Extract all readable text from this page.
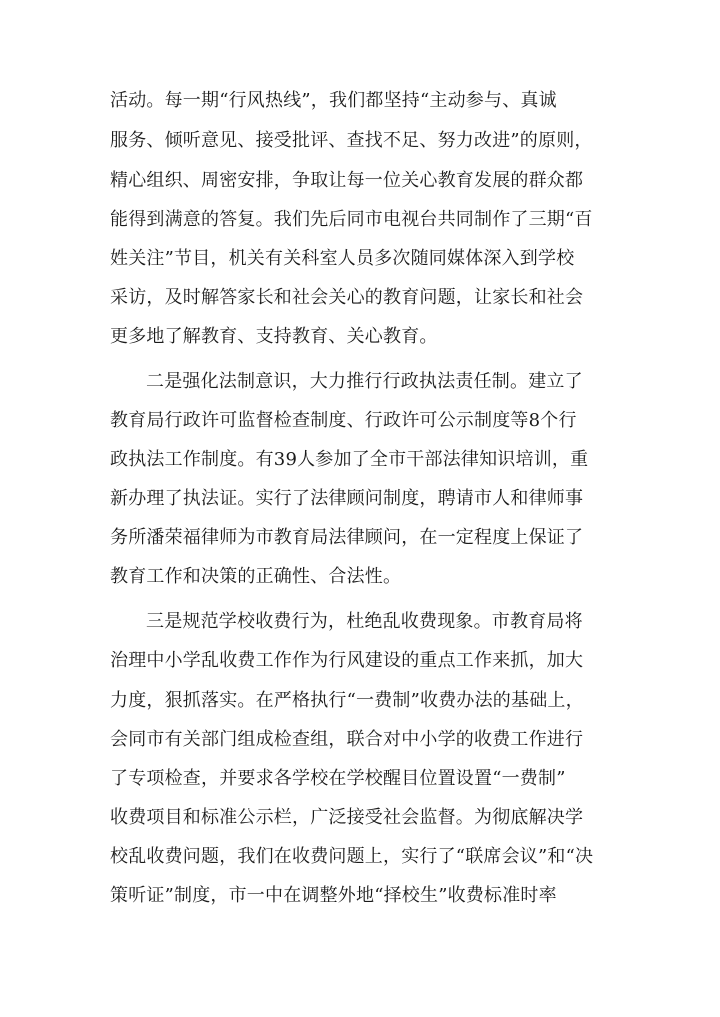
活动。每一期“行风热线”，我们都坚持“主动参与、真诚
服务、倾听意见、接受批评、查找不足、努力改进”的原则，
精心组织、周密安排，争取让每一位关心教育发展的群众都
能得到满意的答复。我们先后同市电视台共同制作了三期“百
姓关注”节目，机关有关科室人员多次随同媒体深入到学校
采访，及时解答家长和社会关心的教育问题，让家长和社会
更多地了解教育、支持教育、关心教育。
二是强化法制意识，大力推行行政执法责任制。建立了
教育局行政许可监督检查制度、行政许可公示制度等8个行
政执法工作制度。有39人参加了全市干部法律知识培训，重
新办理了执法证。实行了法律顾问制度，聘请市人和律师事
务所潘荣福律师为市教育局法律顾问，在一定程度上保证了
教育工作和决策的正确性、合法性。
三是规范学校收费行为，杜绝乱收费现象。市教育局将
治理中小学乱收费工作作为行风建设的重点工作来抓，加大
力度，狠抓落实。在严格执行“一费制”收费办法的基础上，
会同市有关部门组成检查组，联合对中小学的收费工作进行
了专项检查，并要求各学校在学校醒目位置设置“一费制”
收费项目和标准公示栏，广泛接受社会监督。为彻底解决学
校乱收费问题，我们在收费问题上，实行了“联席会议”和“决
策听证”制度，市一中在调整外地“择校生”收费标准时率
